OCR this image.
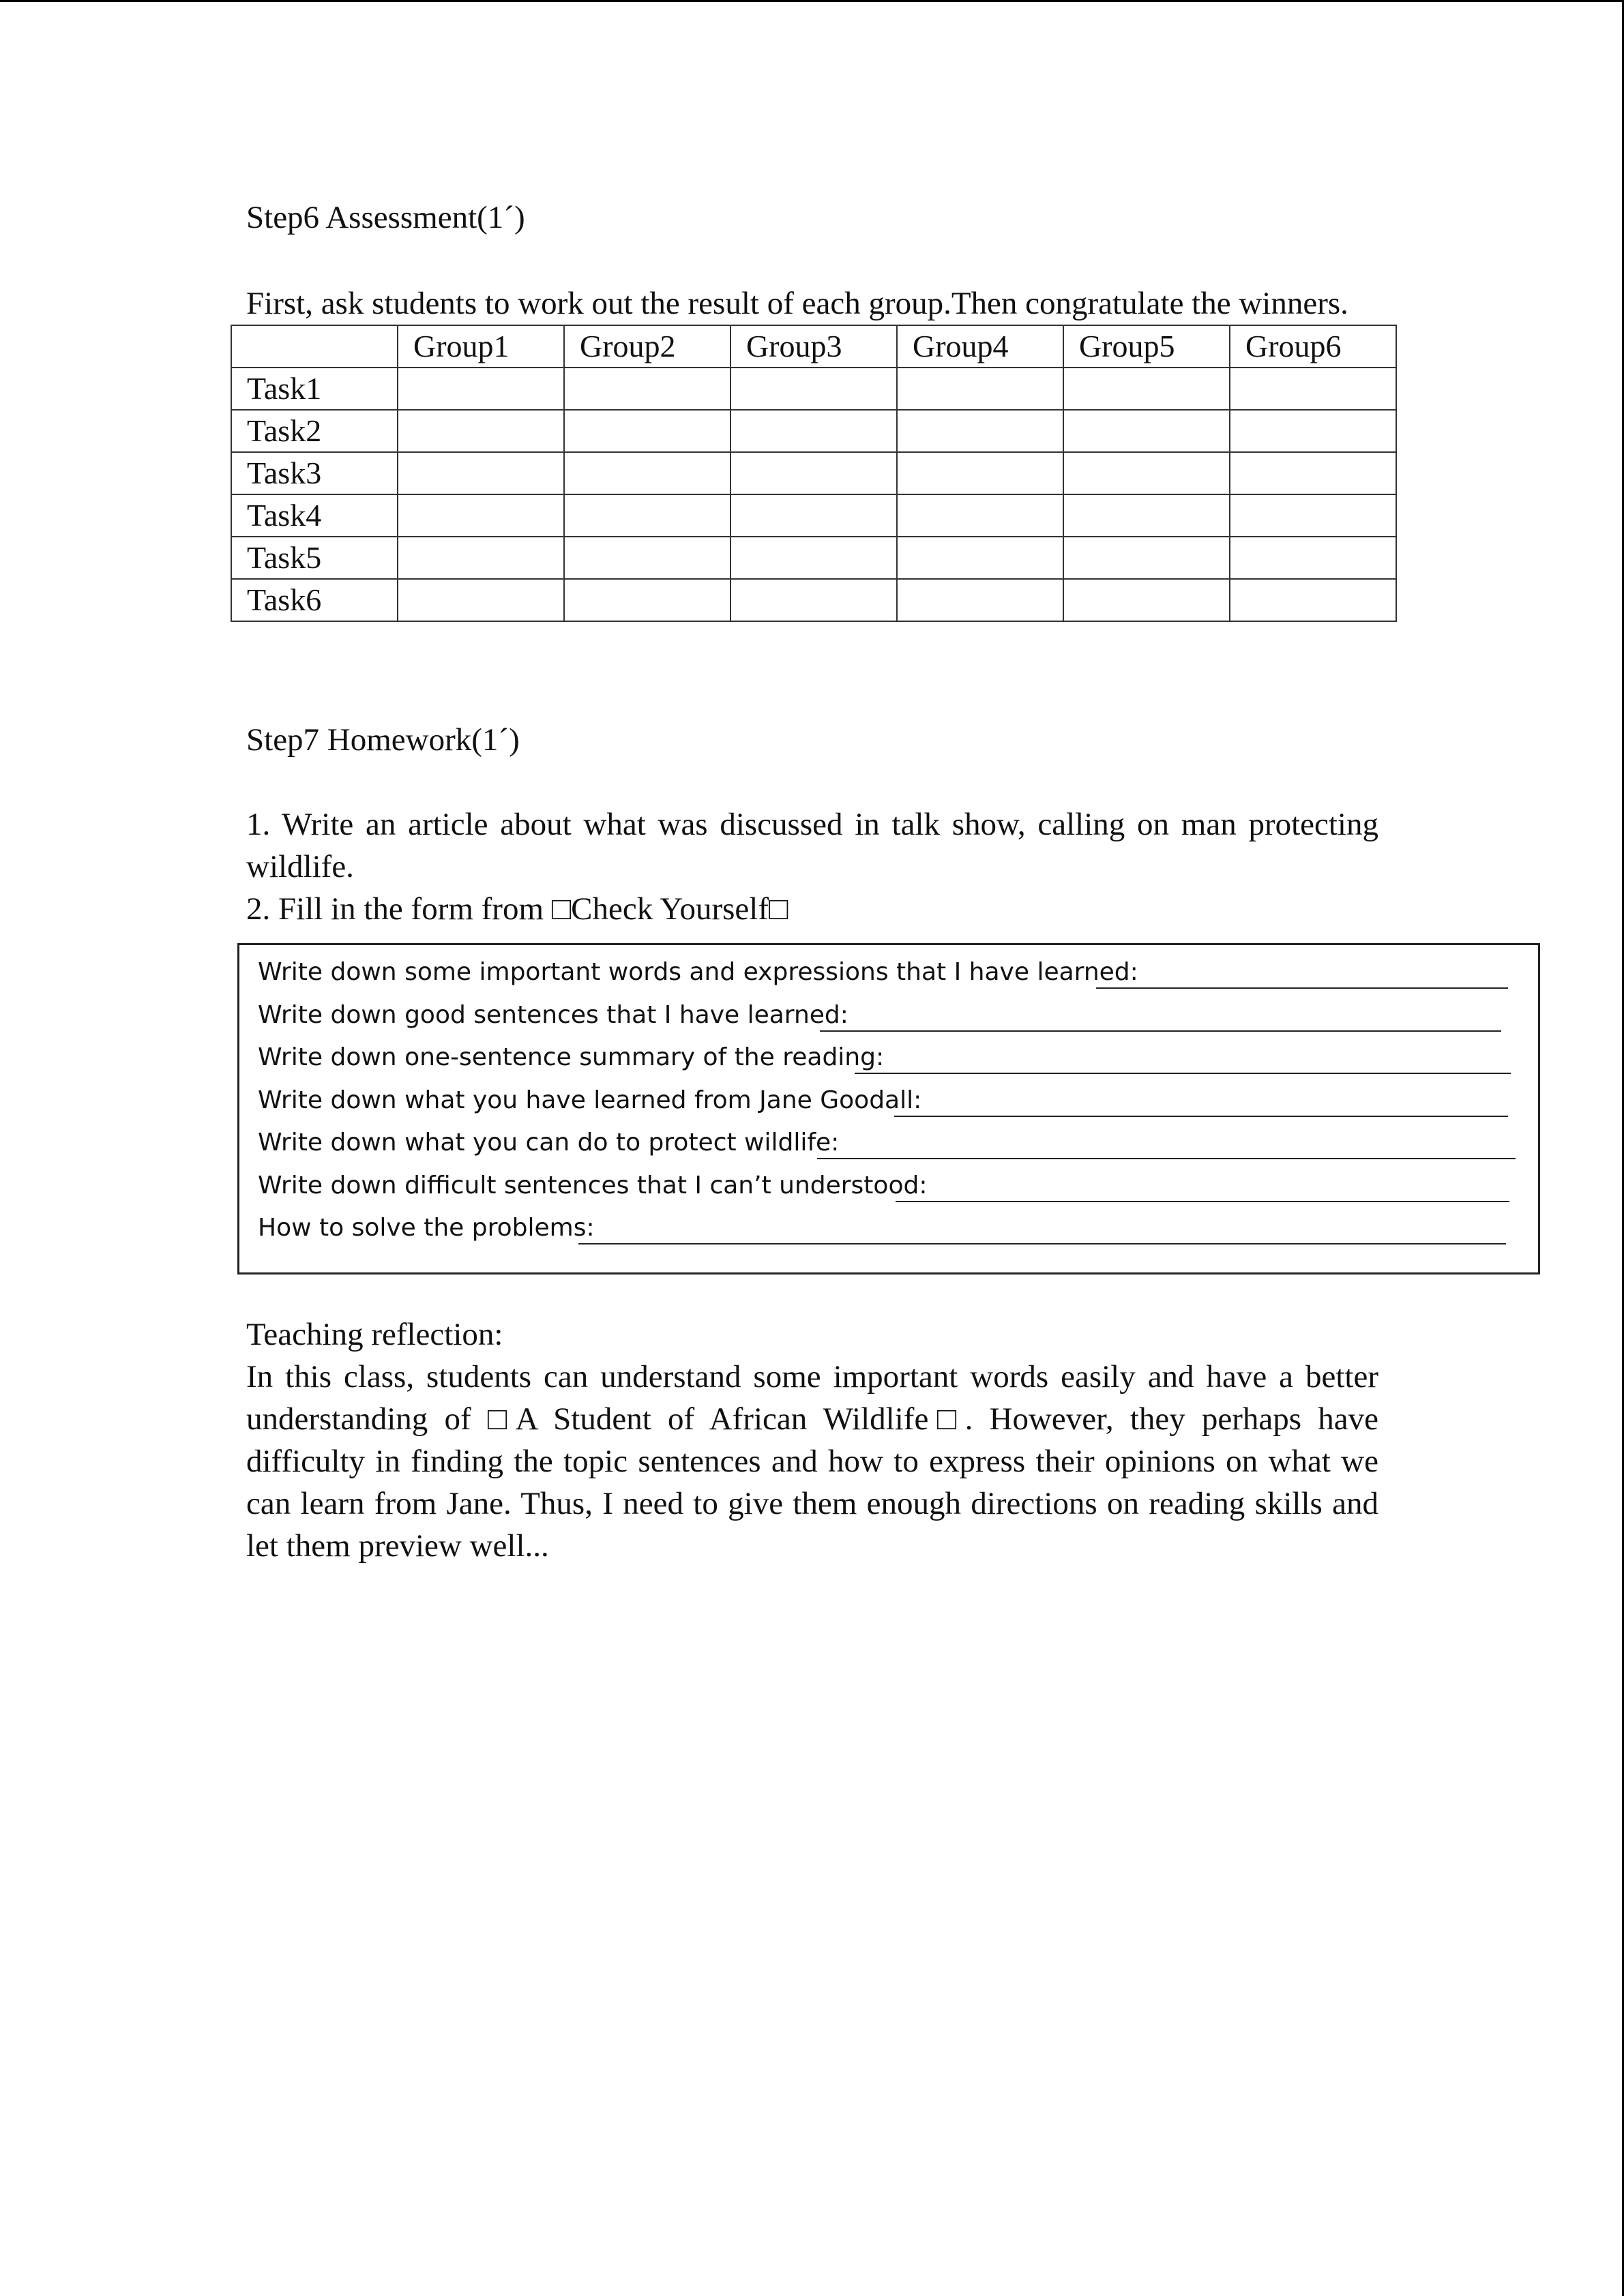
Step6 Assessment(1´)
First, ask students to work out the result of each group.Then congratulate the winners.
	Group1	Group2	Group3	Group4	Group5	Group6
Task1						
Task2						
Task3						
Task4						
Task5						
Task6						
Step7 Homework(1´)
1. Write an article about what was discussed in talk show, calling on man protecting
wildlife.
2. Fill in the form from □Check Yourself□
Write down some important words and expressions that I have learned:
Write down good sentences that I have learned:
Write down one-sentence summary of the reading:
Write down what you have learned from Jane Goodall:
Write down what you can do to protect wildlife:
Write down difficult sentences that I can’t understood:
How to solve the problems:
Teaching reflection:
In this class, students can understand some important words easily and have a better
understanding of □A Student of African Wildlife□. However, they perhaps have
difficulty in finding the topic sentences and how to express their opinions on what we
can learn from Jane. Thus, I need to give them enough directions on reading skills and
let them preview well...
